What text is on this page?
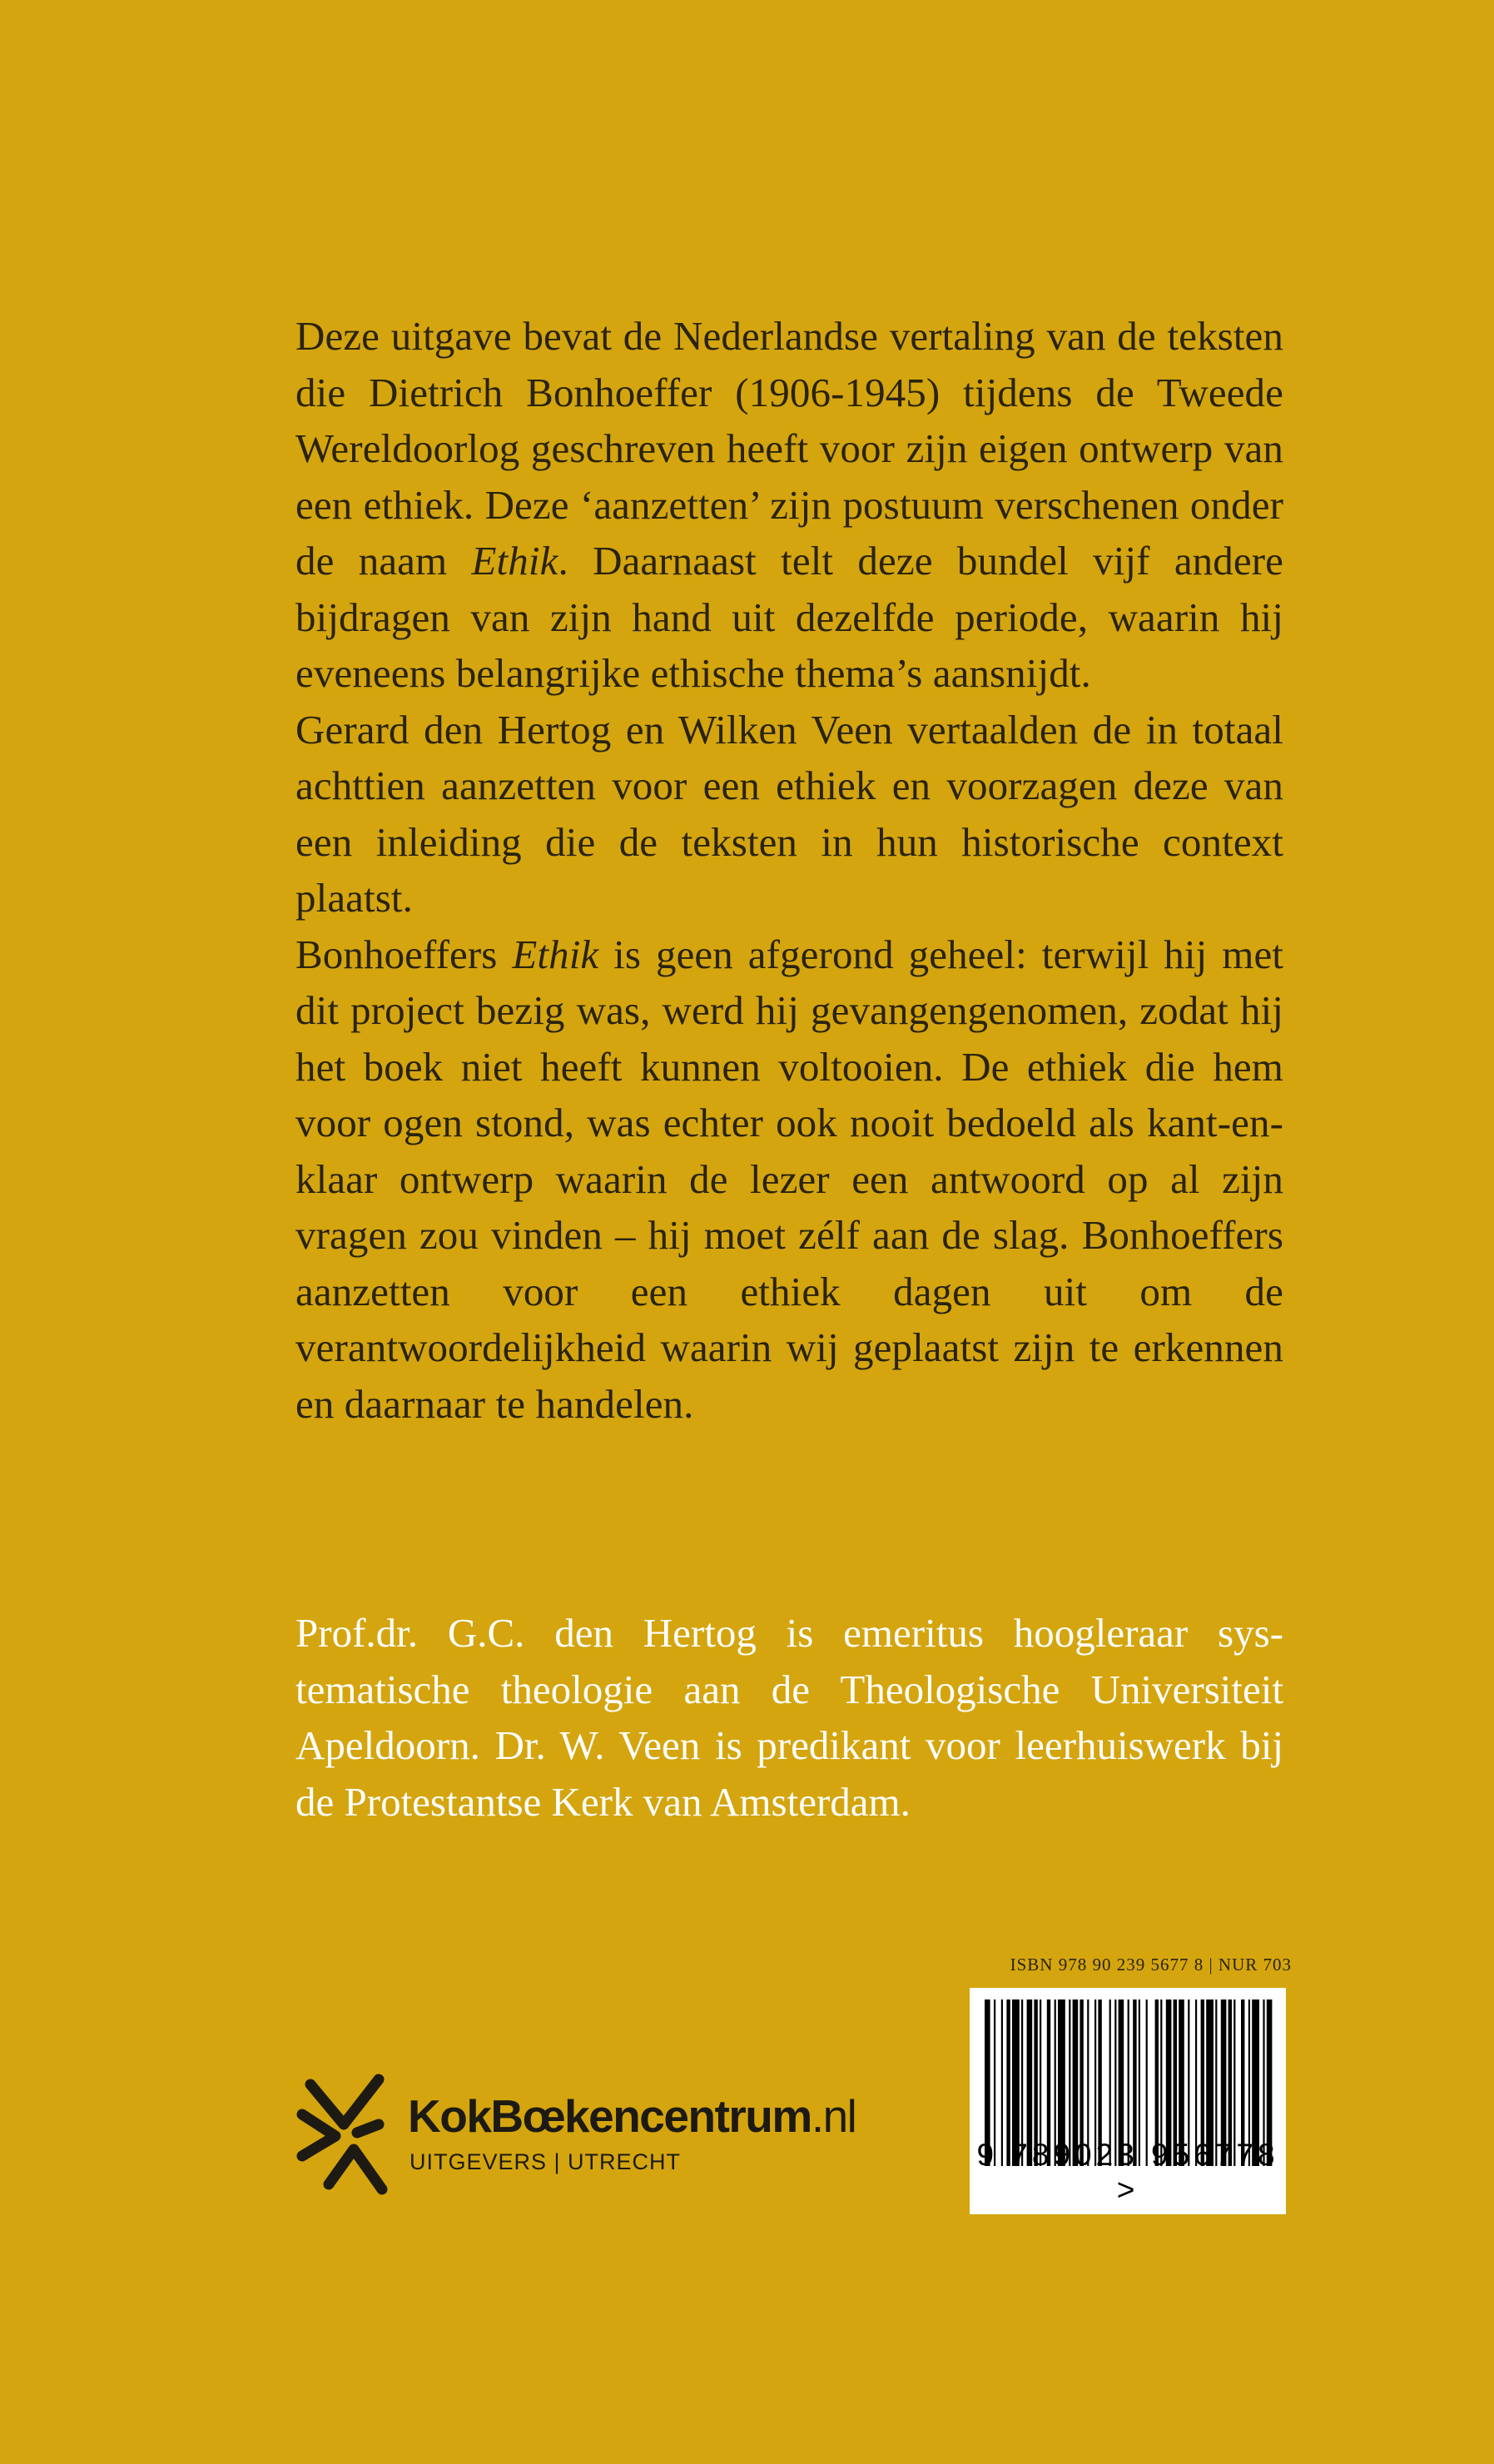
Deze uitgave bevat de Nederlandse vertaling van de teksten die Dietrich Bonhoeffer (1906-1945) tijdens de Tweede Wereldoorlog geschreven heeft voor zijn eigen ontwerp van een ethiek. Deze ‘aanzetten’ zijn postuum verschenen onder de naam Ethik. Daarnaast telt deze bundel vijf andere bijdragen van zijn hand uit dezelfde periode, waarin hij eveneens belangrijke ethische thema’s aansnijdt.

Gerard den Hertog en Wilken Veen vertaalden de in totaal achttien aanzetten voor een ethiek en voorzagen deze van een inleiding die de teksten in hun historische context plaatst.

Bonhoeffers Ethik is geen afgerond geheel: terwijl hij met dit project bezig was, werd hij gevangengenomen, zodat hij het boek niet heeft kunnen voltooien. De ethiek die hem voor ogen stond, was echter ook nooit bedoeld als kant-en-klaar ontwerp waarin de lezer een antwoord op al zijn vragen zou vinden – hij moet zélf aan de slag. Bonhoeffers aanzetten voor een ethiek dagen uit om de verantwoordelijkheid waarin wij geplaatst zijn te erkennen en daarnaar te handelen.

Prof.dr. G.C. den Hertog is emeritus hoogleraar systematische theologie aan de Theologische Universiteit Apeldoorn. Dr. W. Veen is predikant voor leerhuiswerk bij de Protestantse Kerk van Amsterdam.

ISBN 978 90 239 5677 8 | NUR 703
9 789023 956778 >
KokBœkencentrum.nl
UITGEVERS | UTRECHT
